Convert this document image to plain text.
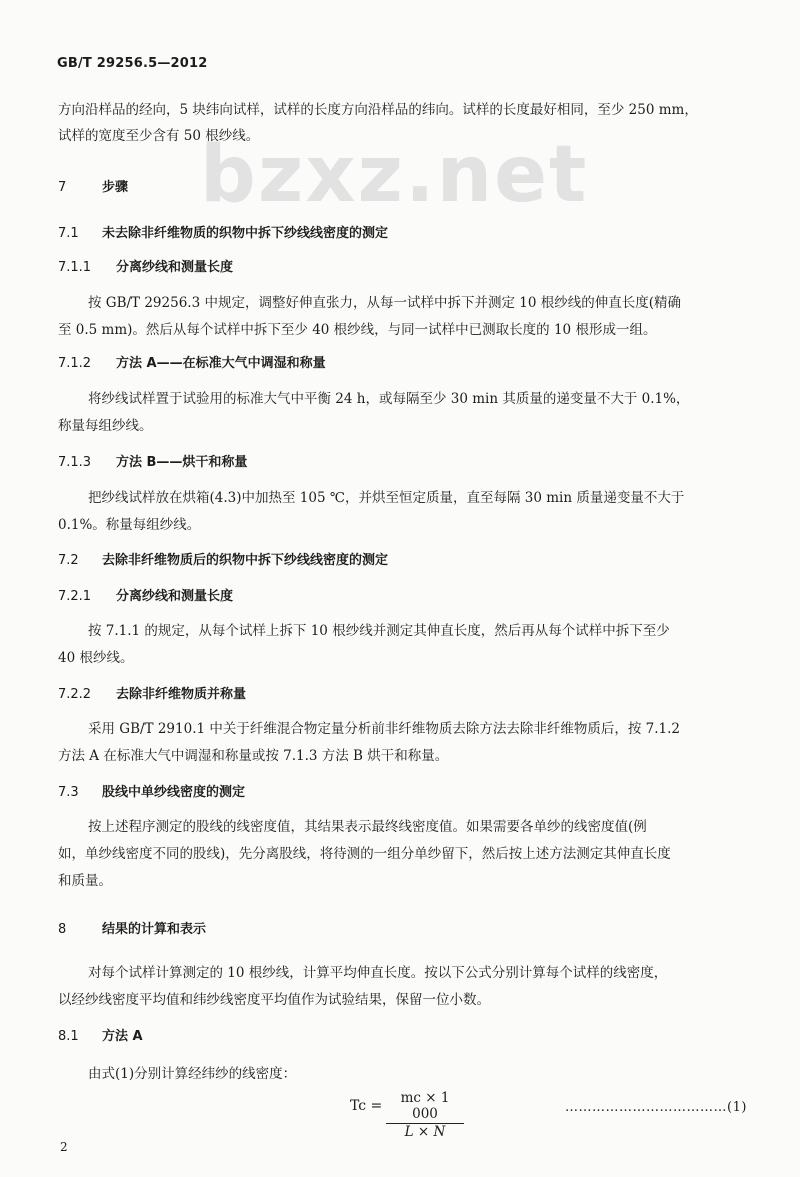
GB/T 29256.5—2012
bzxz.net
方向沿样品的经向，5 块纬向试样，试样的长度方向沿样品的纬向。试样的长度最好相同，至少 250 mm，
试样的宽度至少含有 50 根纱线。
7	步骤
7.1 未去除非纤维物质的织物中拆下纱线线密度的测定
7.1.1 分离纱线和测量长度
按 GB/T 29256.3 中规定，调整好伸直张力，从每一试样中拆下并测定 10 根纱线的伸直长度(精确
至 0.5 mm)。然后从每个试样中拆下至少 40 根纱线，与同一试样中已测取长度的 10 根形成一组。
7.1.2 方法 A——在标准大气中调湿和称量
将纱线试样置于试验用的标准大气中平衡 24 h，或每隔至少 30 min 其质量的递变量不大于 0.1%，
称量每组纱线。
7.1.3 方法 B——烘干和称量
把纱线试样放在烘箱(4.3)中加热至 105 ℃，并烘至恒定质量，直至每隔 30 min 质量递变量不大于
0.1%。称量每组纱线。
7.2 去除非纤维物质后的织物中拆下纱线线密度的测定
7.2.1 分离纱线和测量长度
按 7.1.1 的规定，从每个试样上拆下 10 根纱线并测定其伸直长度，然后再从每个试样中拆下至少
40 根纱线。
7.2.2 去除非纤维物质并称量
采用 GB/T 2910.1 中关于纤维混合物定量分析前非纤维物质去除方法去除非纤维物质后，按 7.1.2
方法 A 在标准大气中调湿和称量或按 7.1.3 方法 B 烘干和称量。
7.3 股线中单纱线密度的测定
按上述程序测定的股线的线密度值，其结果表示最终线密度值。如果需要各单纱的线密度值(例
如，单纱线密度不同的股线)，先分离股线，将待测的一组分单纱留下，然后按上述方法测定其伸直长度
和质量。
8	结果的计算和表示
对每个试样计算测定的 10 根纱线，计算平均伸直长度。按以下公式分别计算每个试样的线密度，
以经纱线密度平均值和纬纱线密度平均值作为试验结果，保留一位小数。
8.1 方法 A
由式(1)分别计算经纬纱的线密度：
$Tc = \frac{mc \times 1 000}{L \times N}$	………………………………(1)
2
